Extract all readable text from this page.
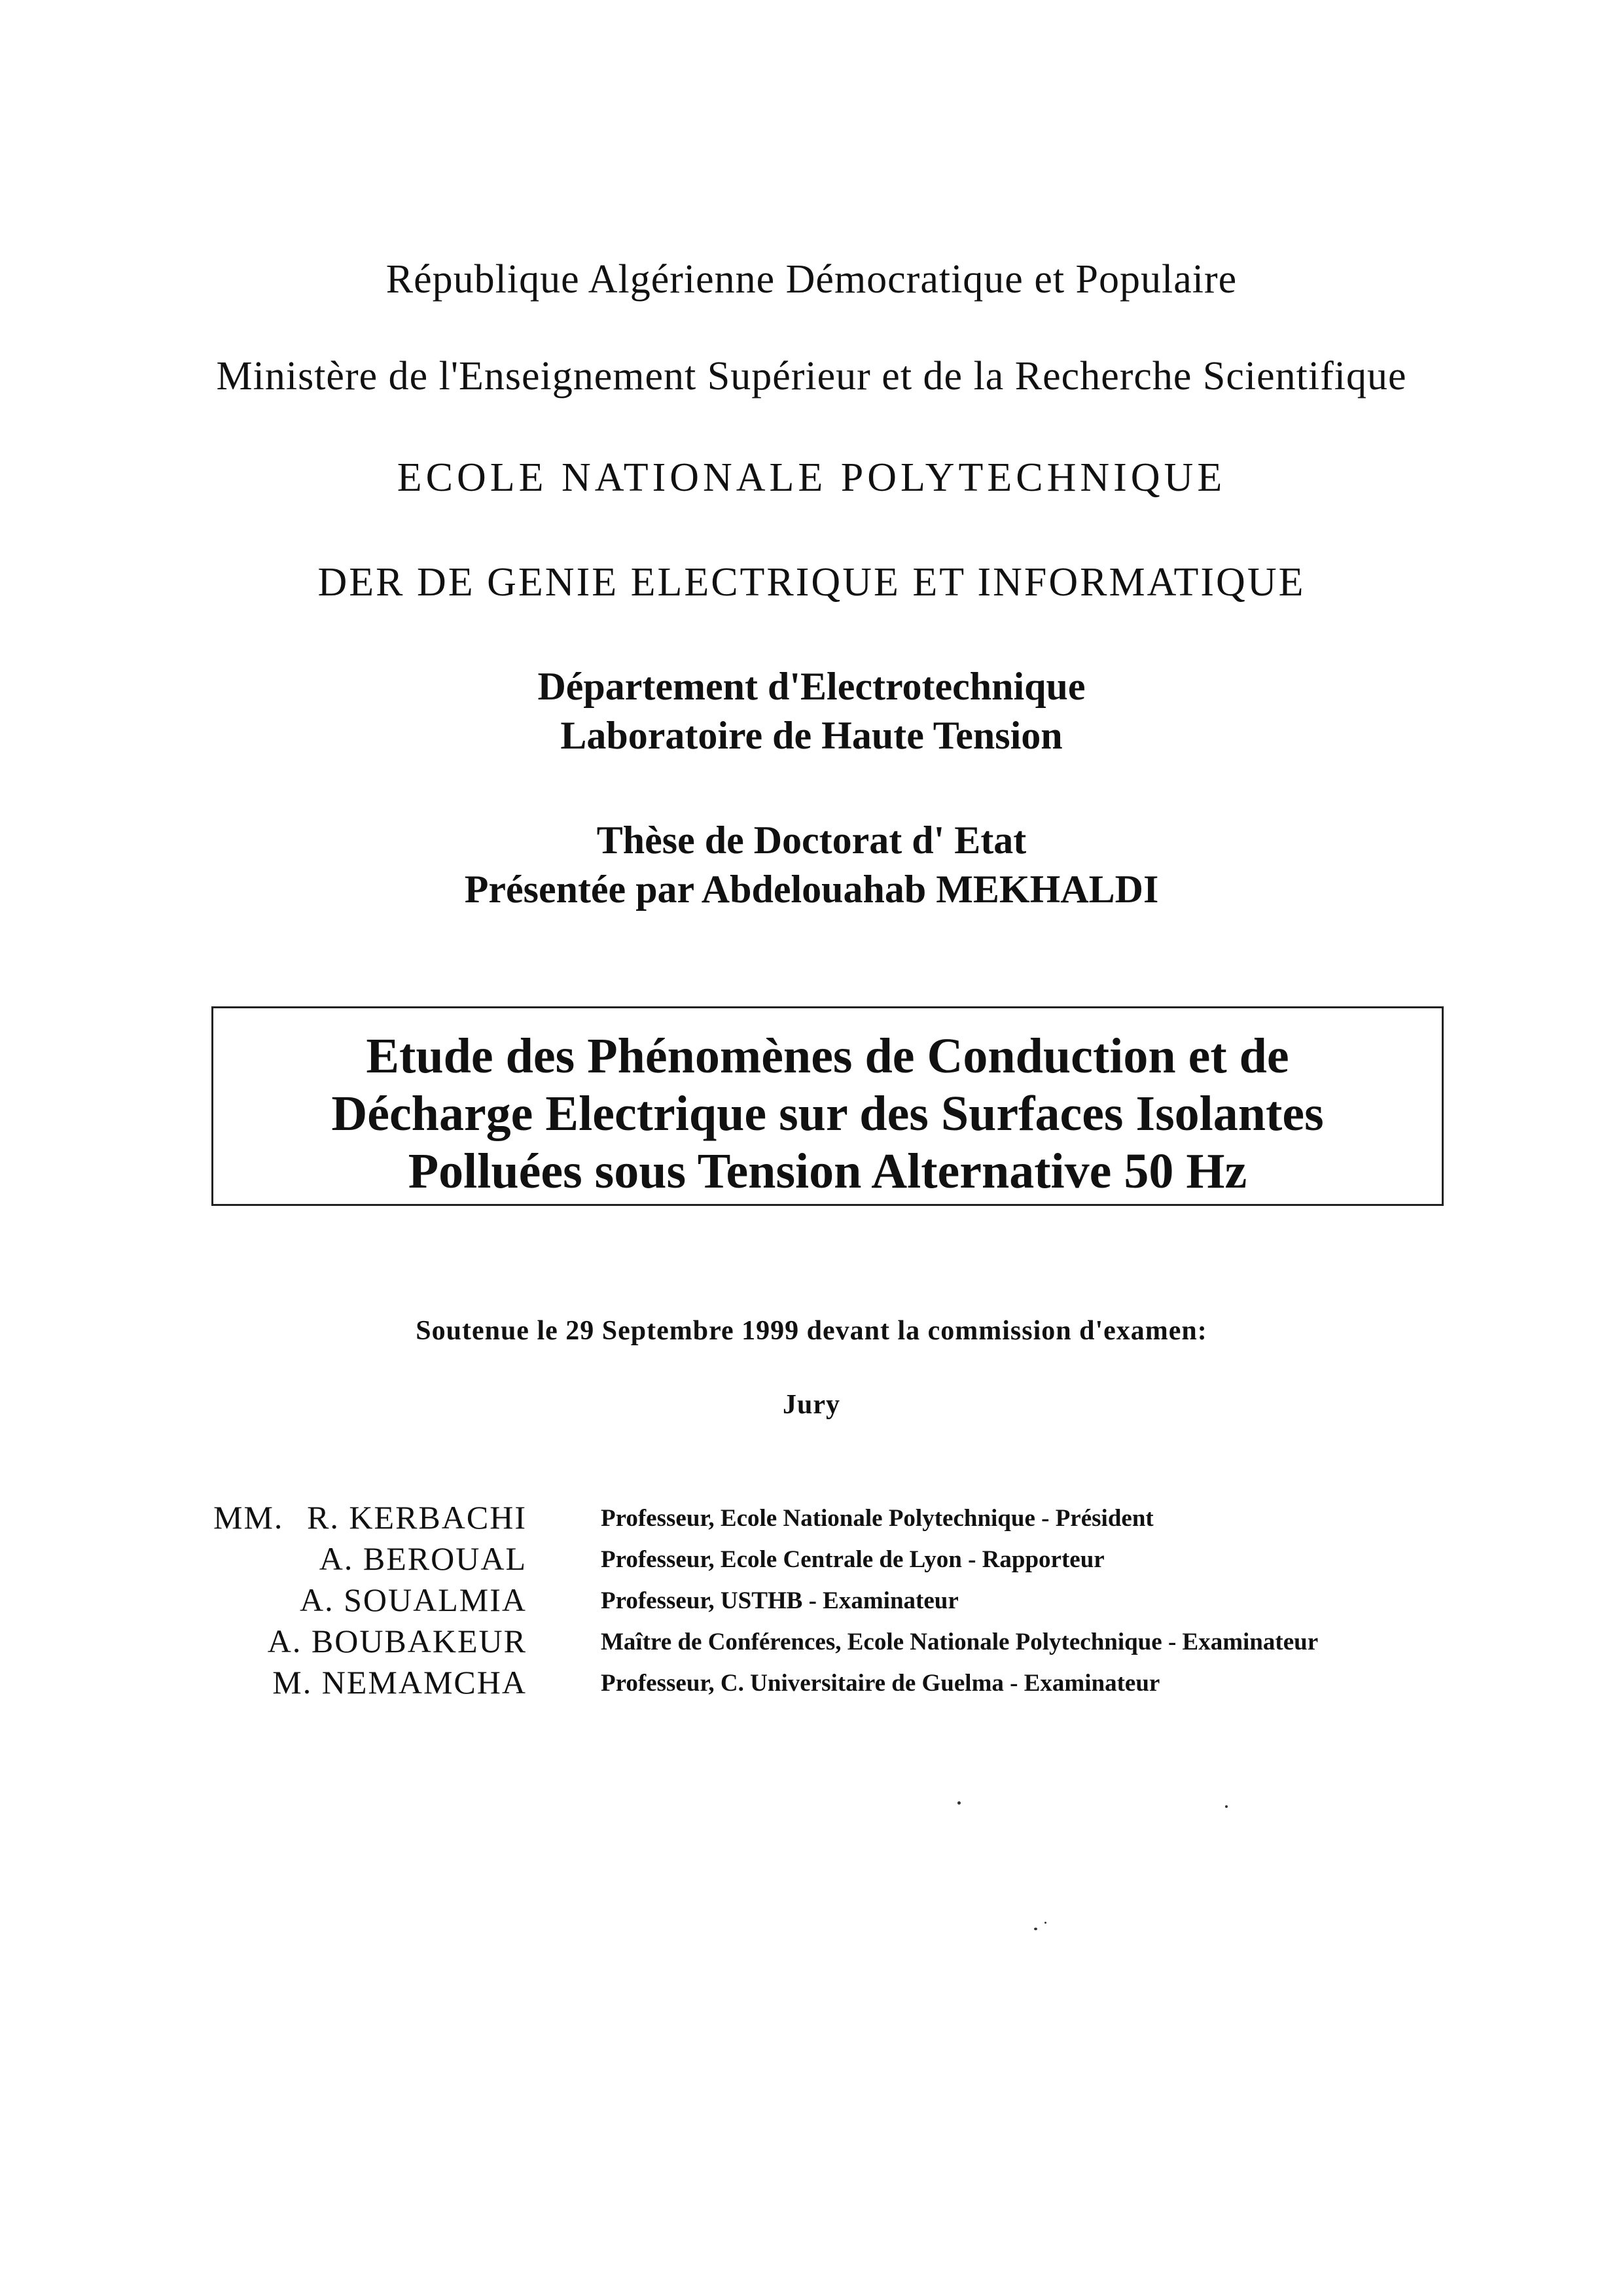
République Algérienne Démocratique et Populaire
Ministère de l'Enseignement Supérieur et de la Recherche Scientifique
ECOLE NATIONALE POLYTECHNIQUE
DER DE GENIE ELECTRIQUE ET INFORMATIQUE
Département d'Electrotechnique
Laboratoire de Haute Tension
Thèse de Doctorat d' Etat
Présentée par Abdelouahab MEKHALDI
Etude des Phénomènes de Conduction et de
Décharge Electrique sur des Surfaces Isolantes
Polluées sous Tension Alternative 50 Hz
Soutenue le 29 Septembre 1999 devant la commission d'examen:
Jury
MM. R. KERBACHI	Professeur, Ecole Nationale Polytechnique - Président
A. BEROUAL	Professeur, Ecole Centrale de Lyon - Rapporteur
A. SOUALMIA	Professeur, USTHB - Examinateur
A. BOUBAKEUR	Maître de Conférences, Ecole Nationale Polytechnique - Examinateur
M. NEMAMCHA	Professeur, C. Universitaire de Guelma - Examinateur
